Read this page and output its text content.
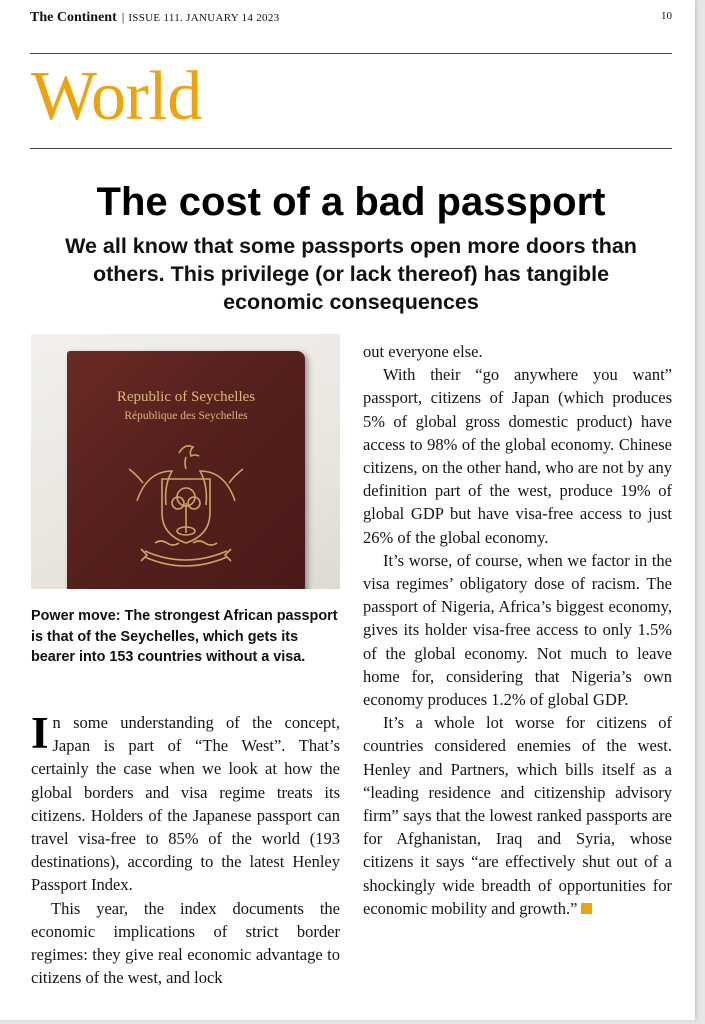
The Continent | ISSUE 111. JANUARY 14 2023	10
World
The cost of a bad passport
We all know that some passports open more doors than others. This privilege (or lack thereof) has tangible economic consequences
Republic of Seychelles
République des Seychelles
Power move: The strongest African passport is that of the Seychelles, which gets its bearer into 153 countries without a visa.

In some understanding of the concept, Japan is part of “The West”. That’s certainly the case when we look at how the global borders and visa regime treats its citizens. Holders of the Japanese passport can travel visa-free to 85% of the world (193 destinations), according to the latest Henley Passport Index.

This year, the index documents the economic implications of strict border regimes: they give real economic advantage to citizens of the west, and lock

out everyone else.

With their “go anywhere you want” passport, citizens of Japan (which produces 5% of global gross domestic product) have access to 98% of the global economy. Chinese citizens, on the other hand, who are not by any definition part of the west, produce 19% of global GDP but have visa-free access to just 26% of the global economy.

It’s worse, of course, when we factor in the visa regimes’ obligatory dose of racism. The passport of Nigeria, Africa’s biggest economy, gives its holder visa-free access to only 1.5% of the global economy. Not much to leave home for, considering that Nigeria’s own economy produces 1.2% of global GDP.

It’s a whole lot worse for citizens of countries considered enemies of the west. Henley and Partners, which bills itself as a “leading residence and citizenship advisory firm” says that the lowest ranked passports are for Afghanistan, Iraq and Syria, whose citizens it says “are effectively shut out of a shockingly wide breadth of opportunities for economic mobility and growth.”
